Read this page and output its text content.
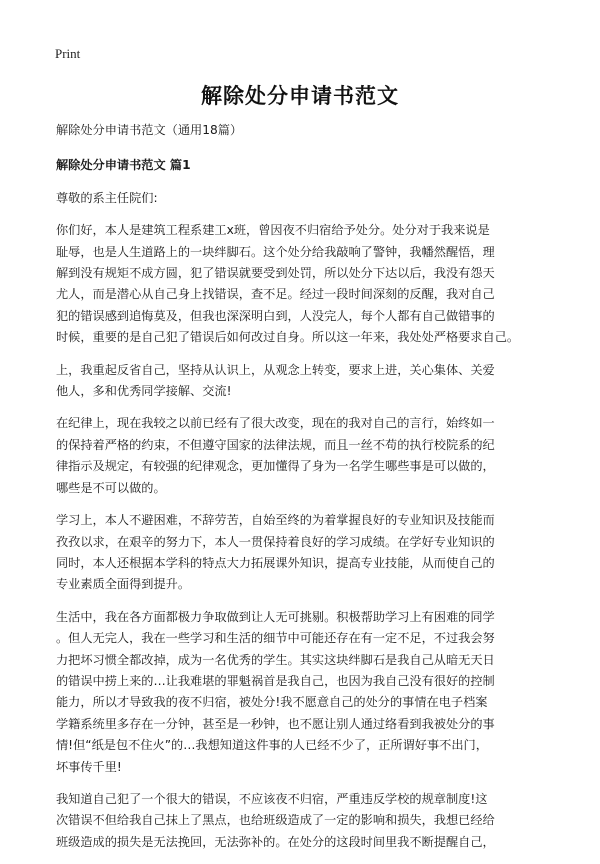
Print
解除处分申请书范文
解除处分申请书范文（通用18篇）
解除处分申请书范文 篇1
尊敬的系主任院们:
你们好，本人是建筑工程系建工x班，曾因夜不归宿给予处分。处分对于我来说是
耻辱，也是人生道路上的一块绊脚石。这个处分给我敲响了警钟，我幡然醒悟，理
解到没有规矩不成方圆，犯了错误就要受到处罚，所以处分下达以后，我没有怨天
尤人，而是潜心从自己身上找错误，查不足。经过一段时间深刻的反醒，我对自己
犯的错误感到追悔莫及，但我也深深明白到，人没完人，每个人都有自己做错事的
时候，重要的是自己犯了错误后如何改过自身。所以这一年来，我处处严格要求自己。
上，我重起反省自己，坚持从认识上，从观念上转变，要求上进，关心集体、关爱
他人，多和优秀同学接解、交流!
在纪律上，现在我较之以前已经有了很大改变，现在的我对自己的言行，始终如一
的保持着严格的约束，不但遵守国家的法律法规，而且一丝不苟的执行校院系的纪
律指示及规定，有较强的纪律观念，更加懂得了身为一名学生哪些事是可以做的，
哪些是不可以做的。
学习上，本人不避困难，不辞劳苦，自始至终的为着掌握良好的专业知识及技能而
孜孜以求，在艰辛的努力下，本人一贯保持着良好的学习成绩。在学好专业知识的
同时，本人还根据本学科的特点大力拓展课外知识，提高专业技能，从而使自己的
专业素质全面得到提升。
生活中，我在各方面都极力争取做到让人无可挑剔。积极帮助学习上有困难的同学
。但人无完人，我在一些学习和生活的细节中可能还存在有一定不足，不过我会努
力把坏习惯全都改掉，成为一名优秀的学生。其实这块绊脚石是我自己从暗无天日
的错误中捞上来的…让我难堪的罪魁祸首是我自己，也因为我自己没有很好的控制
能力，所以才导致我的夜不归宿，被处分!我不愿意自己的处分的事情在电子档案
学籍系统里多存在一分钟，甚至是一秒钟，也不愿让别人通过络看到我被处分的事
情!但“纸是包不住火”的…我想知道这件事的人已经不少了，正所谓好事不出门，
坏事传千里!
我知道自己犯了一个很大的错误，不应该夜不归宿，严重违反学校的规章制度!这
次错误不但给我自己抹上了黑点，也给班级造成了一定的影响和损失，我想已经给
班级造成的损失是无法挽回，无法弥补的。在处分的这段时间里我不断提醒自己，
